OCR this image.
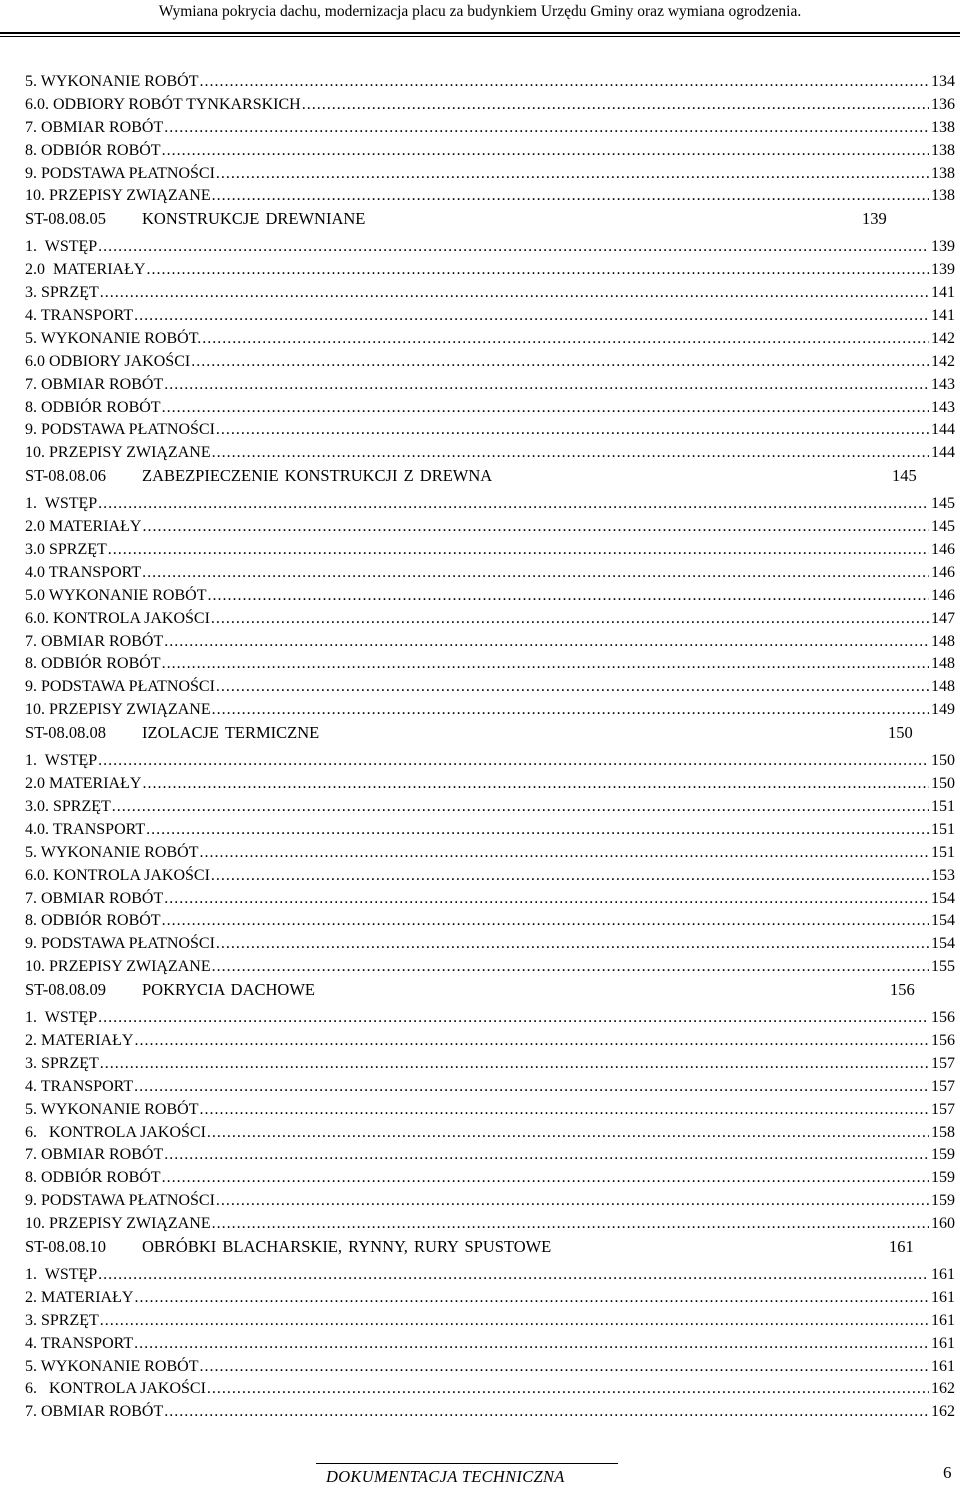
Wymiana pokrycia dachu, modernizacja placu za budynkiem Urzędu Gminy oraz wymiana ogrodzenia.
5. WYKONANIE ROBÓT .....	134
6.0. ODBIORY ROBÓT TYNKARSKICH .....	136
7. OBMIAR ROBÓT .....	138
8. ODBIÓR ROBÓT .....	138
9. PODSTAWA PŁATNOŚCI .....	138
10. PRZEPISY ZWIĄZANE .....	138
ST-08.08.05 KONSTRUKCJE DREWNIANE	139
1.  WSTĘP .....	139
2.0  MATERIAŁY .....	139
3. SPRZĘT .....	141
4. TRANSPORT .....	141
5. WYKONANIE ROBÓT. .....	142
6.0 ODBIORY JAKOŚCI .....	142
7. OBMIAR ROBÓT .....	143
8. ODBIÓR ROBÓT .....	143
9. PODSTAWA PŁATNOŚCI .....	144
10. PRZEPISY ZWIĄZANE .....	144
ST-08.08.06 ZABEZPIECZENIE KONSTRUKCJI Z DREWNA	145
1.  WSTĘP .....	145
2.0 MATERIAŁY .....	145
3.0 SPRZĘT .....	146
4.0 TRANSPORT .....	146
5.0 WYKONANIE ROBÓT .....	146
6.0. KONTROLA JAKOŚCI .....	147
7. OBMIAR ROBÓT .....	148
8. ODBIÓR ROBÓT .....	148
9. PODSTAWA PŁATNOŚCI .....	148
10. PRZEPISY ZWIĄZANE .....	149
ST-08.08.08 IZOLACJE TERMICZNE	150
1.  WSTĘP .....	150
2.0 MATERIAŁY .....	150
3.0. SPRZĘT .....	151
4.0. TRANSPORT .....	151
5. WYKONANIE ROBÓT .....	151
6.0. KONTROLA JAKOŚCI .....	153
7. OBMIAR ROBÓT .....	154
8. ODBIÓR ROBÓT .....	154
9. PODSTAWA PŁATNOŚCI .....	154
10. PRZEPISY ZWIĄZANE .....	155
ST-08.08.09 POKRYCIA DACHOWE	156
1.  WSTĘP .....	156
2. MATERIAŁY .....	156
3. SPRZĘT .....	157
4. TRANSPORT .....	157
5. WYKONANIE ROBÓT .....	157
6.   KONTROLA JAKOŚCI .....	158
7. OBMIAR ROBÓT .....	159
8. ODBIÓR ROBÓT .....	159
9. PODSTAWA PŁATNOŚCI .....	159
10. PRZEPISY ZWIĄZANE .....	160
ST-08.08.10 OBRÓBKI BLACHARSKIE, RYNNY, RURY SPUSTOWE	161
1.  WSTĘP .....	161
2. MATERIAŁY .....	161
3. SPRZĘT .....	161
4. TRANSPORT .....	161
5. WYKONANIE ROBÓT .....	161
6.   KONTROLA JAKOŚCI .....	162
7. OBMIAR ROBÓT .....	162
DOKUMENTACJA TECHNICZNA	6
